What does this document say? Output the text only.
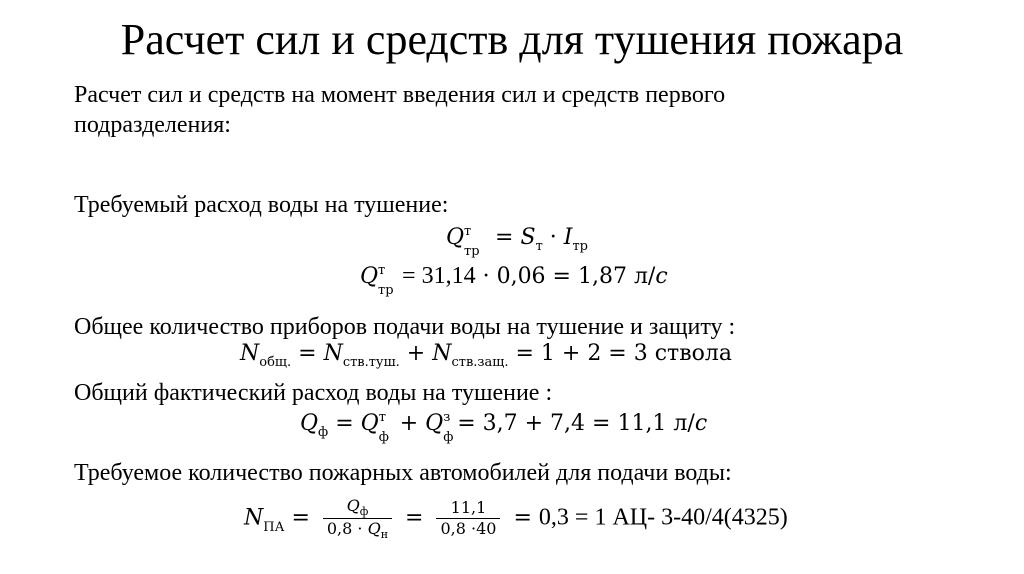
Расчет сил и средств для тушения пожара
Расчет сил и средств на момент введения сил и средств первого
подразделения:
Требуемый расход воды на тушение:
Q т
тр
= $S_т \cdot I_{тр}$
Q т
тр
= 31,14 · 0,06 = 1,87 л/c
Общее количество приборов подачи воды на тушение и защиту :
$N_{общ.} = N_{ств.туш.} + N_{ств.защ.} = 1 + 2 = 3$ ствола
Общий фактический расход воды на тушение :
$Q_ф = Q$ т
ф
+ Q з
ф
= 3,7 + 7,4 = 11,1 л/c
Требуемое количество пожарных автомобилей для подачи воды:
$N_{ПА} = \frac{Q_ф}{0,8 \cdot Q_н} = \frac{11,1}{0,8 \cdot 40} = 0,3 = 1$ АЦ- 3-40/4(4325)
